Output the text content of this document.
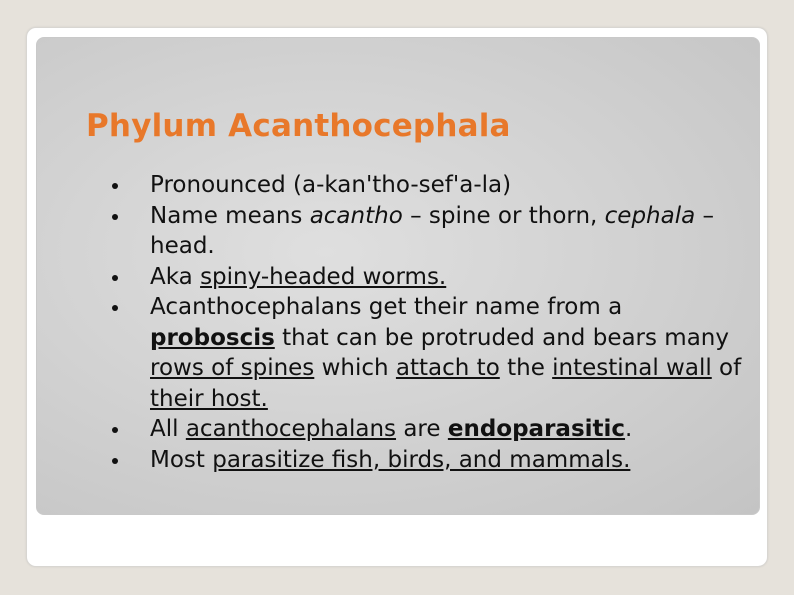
Phylum Acanthocephala
Pronounced (a-kan'tho-sef'a-la)
Name means acantho – spine or thorn, cephala – head.
Aka spiny-headed worms.
Acanthocephalans get their name from a proboscis that can be protruded and bears many rows of spines which attach to the intestinal wall of their host.
All acanthocephalans are endoparasitic.
Most parasitize fish, birds, and mammals.
